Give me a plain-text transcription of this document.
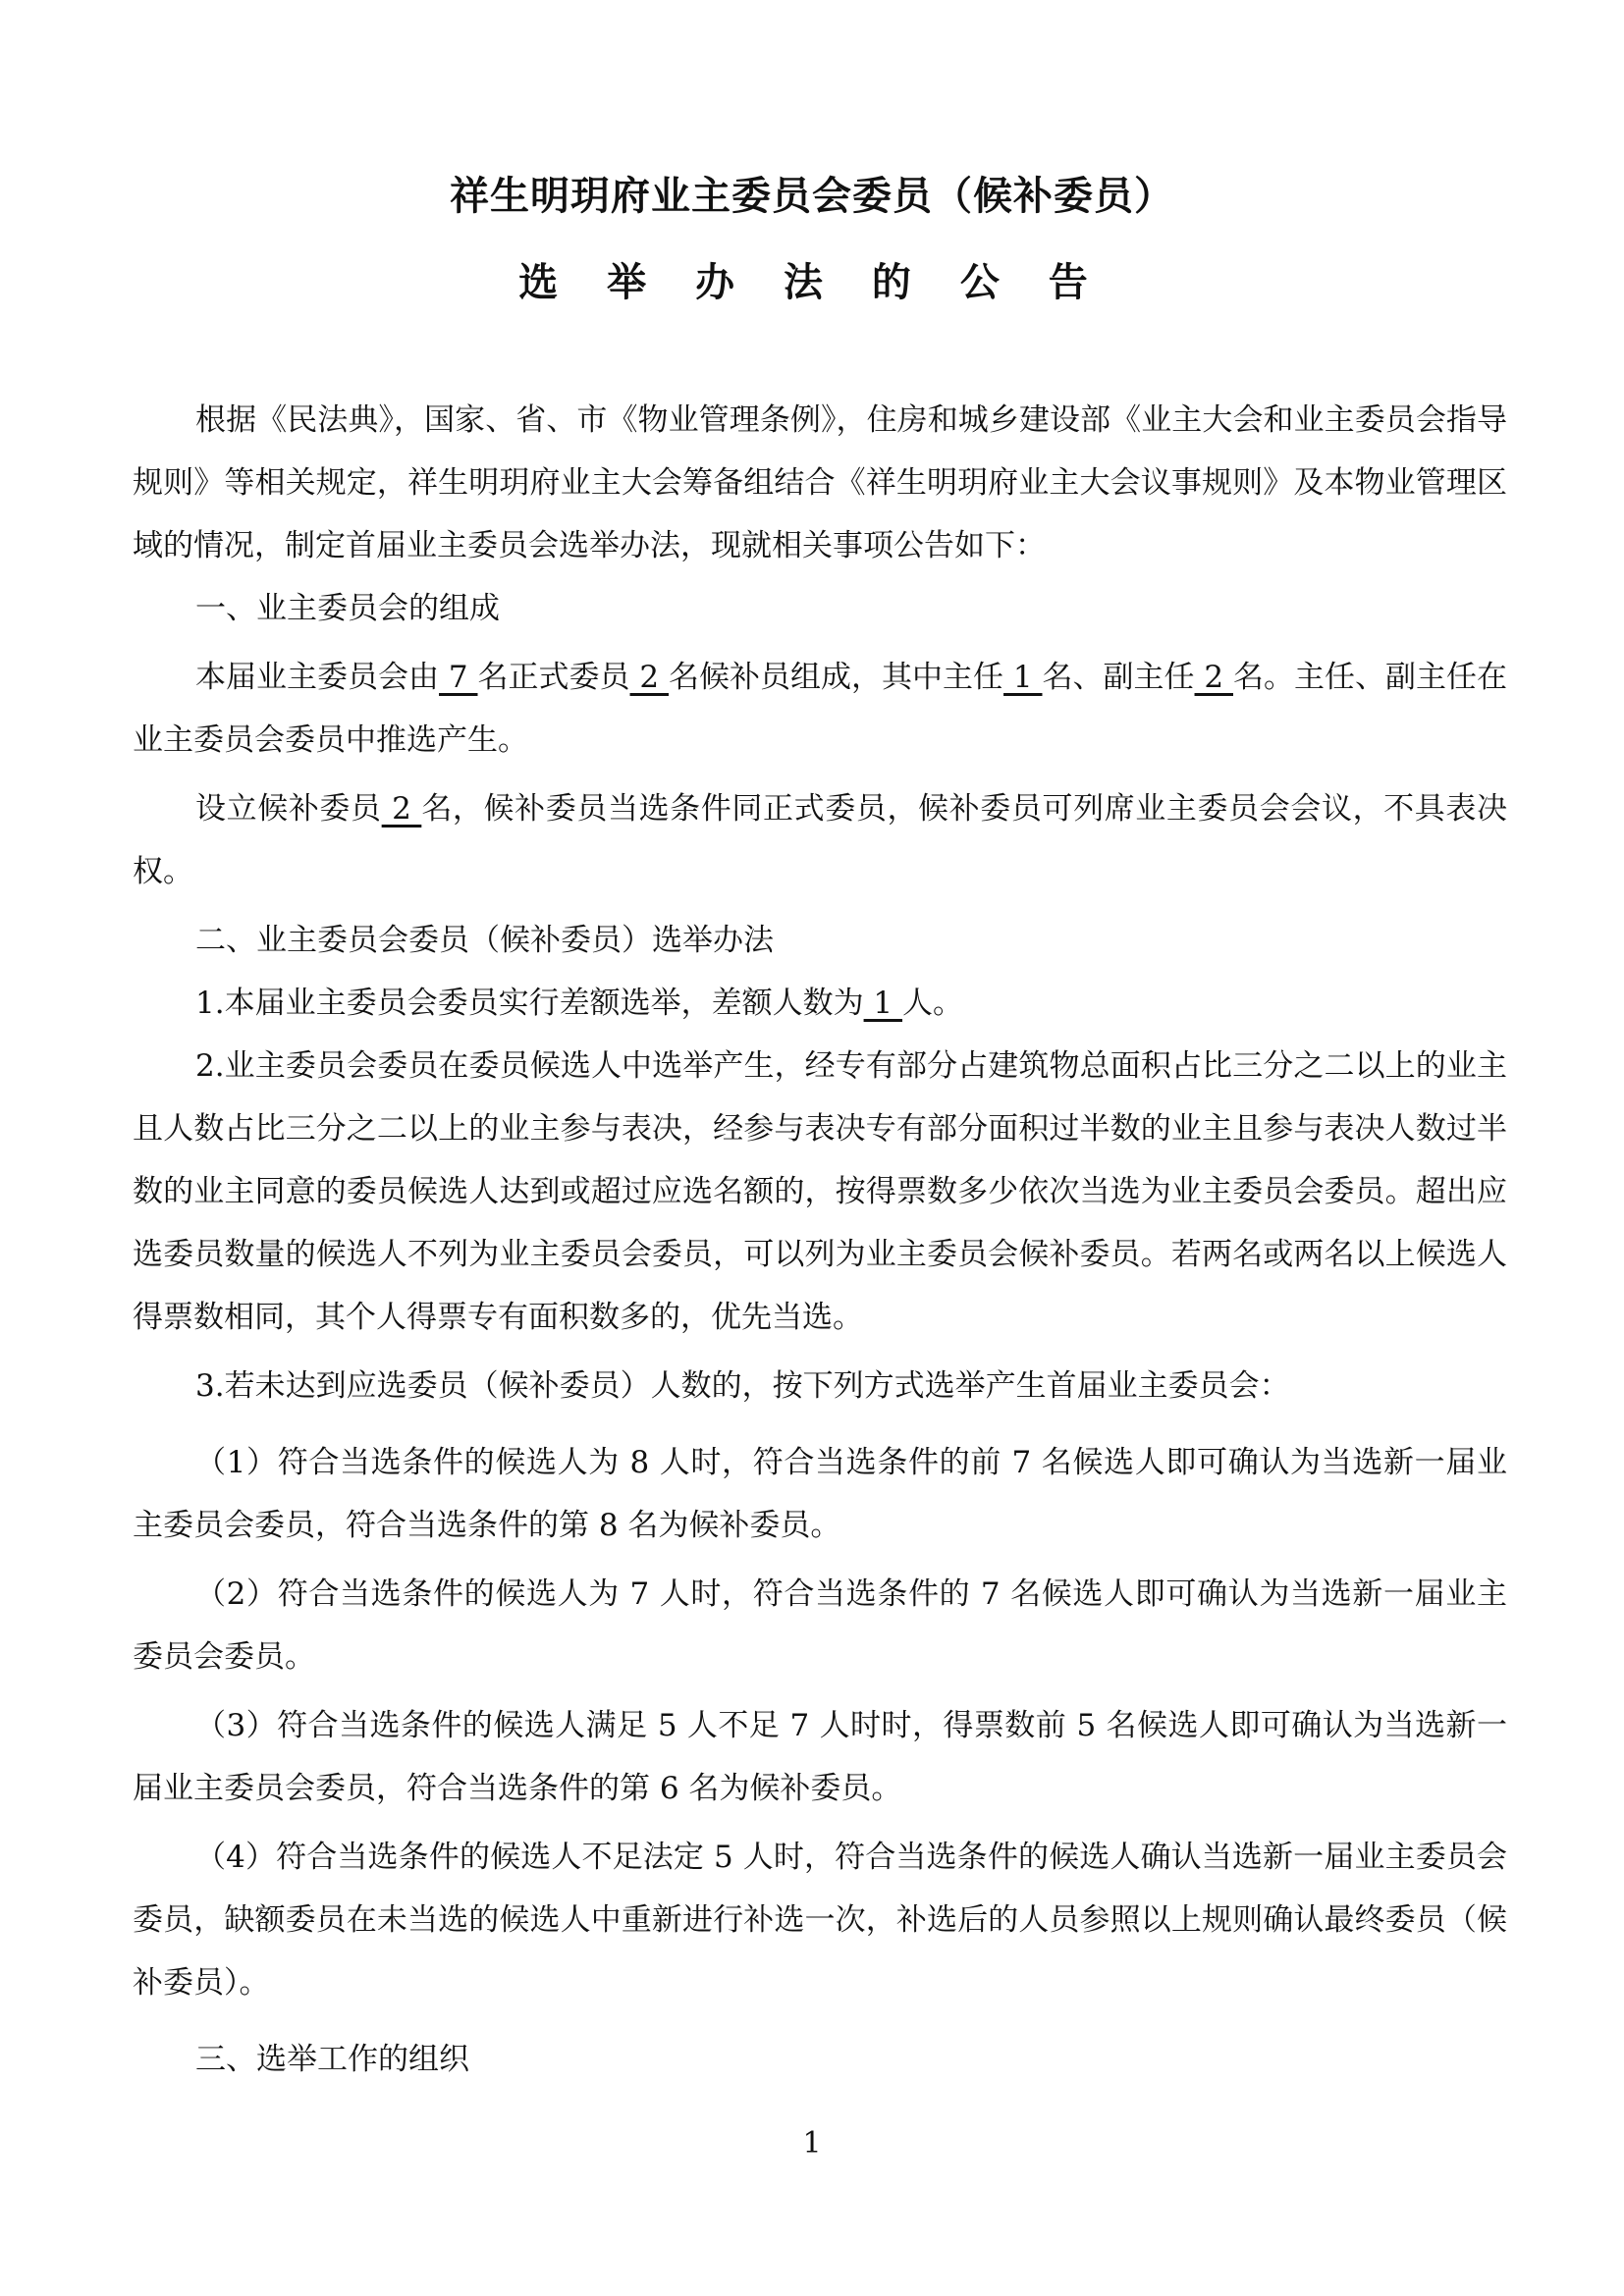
祥生明玥府业主委员会委员（候补委员）
选 举 办 法 的 公 告

根据《民法典》，国家、省、市《物业管理条例》，住房和城乡建设部《业主大会和业主委员会指导规则》等相关规定，祥生明玥府业主大会筹备组结合《祥生明玥府业主大会议事规则》及本物业管理区域的情况，制定首届业主委员会选举办法，现就相关事项公告如下：

一、业主委员会的组成

本届业主委员会由 7 名正式委员 2 名候补员组成，其中主任 1 名、副主任 2 名。主任、副主任在业主委员会委员中推选产生。

设立候补委员 2 名，候补委员当选条件同正式委员，候补委员可列席业主委员会会议，不具表决权。

二、业主委员会委员（候补委员）选举办法

1.本届业主委员会委员实行差额选举，差额人数为 1 人。

2.业主委员会委员在委员候选人中选举产生，经专有部分占建筑物总面积占比三分之二以上的业主且人数占比三分之二以上的业主参与表决，经参与表决专有部分面积过半数的业主且参与表决人数过半数的业主同意的委员候选人达到或超过应选名额的，按得票数多少依次当选为业主委员会委员。超出应选委员数量的候选人不列为业主委员会委员，可以列为业主委员会候补委员。若两名或两名以上候选人得票数相同，其个人得票专有面积数多的，优先当选。

3.若未达到应选委员（候补委员）人数的，按下列方式选举产生首届业主委员会：

（1）符合当选条件的候选人为 8 人时，符合当选条件的前 7 名候选人即可确认为当选新一届业主委员会委员，符合当选条件的第 8 名为候补委员。

（2）符合当选条件的候选人为 7 人时，符合当选条件的 7 名候选人即可确认为当选新一届业主委员会委员。

（3）符合当选条件的候选人满足 5 人不足 7 人时时，得票数前 5 名候选人即可确认为当选新一届业主委员会委员，符合当选条件的第 6 名为候补委员。

（4）符合当选条件的候选人不足法定 5 人时，符合当选条件的候选人确认当选新一届业主委员会委员，缺额委员在未当选的候选人中重新进行补选一次，补选后的人员参照以上规则确认最终委员（候补委员）。

三、选举工作的组织

1
